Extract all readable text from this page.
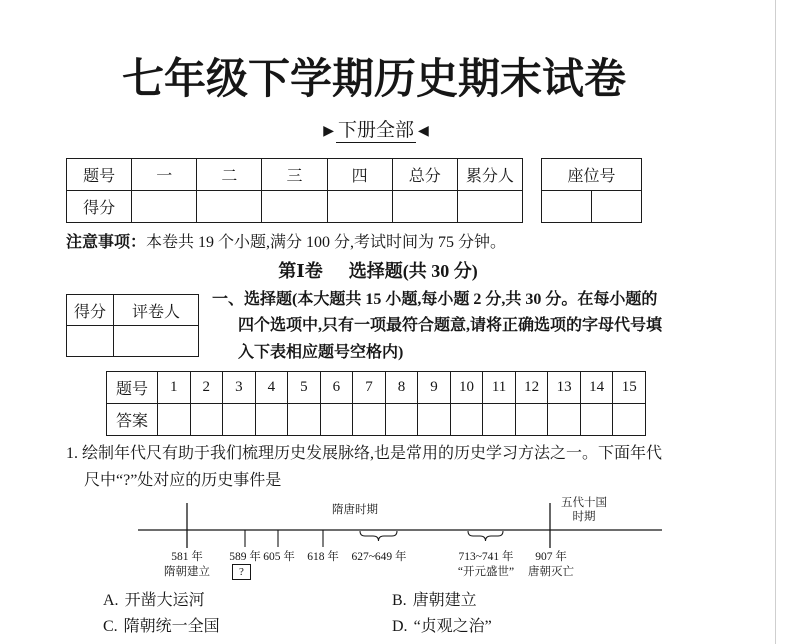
七年级下学期历史期末试卷
▶ 下册全部 ◀
题号	一	二	三	四	总分	累分人
得分						
座位号

注意事项：本卷共 19 个小题,满分 100 分,考试时间为 75 分钟。
第Ⅰ卷 选择题(共 30 分)
得分	评卷人

一、选择题(本大题共 15 小题,每小题 2 分,共 30 分。在每小题的
四个选项中,只有一项最符合题意,请将正确选项的字母代号填
入下表相应题号空格内)
题号	1	2	3	4	5	6	7	8	9	10	11	12	13	14	15
答案															
1. 绘制年代尺有助于我们梳理历史发展脉络,也是常用的历史学习方法之一。下面年代
尺中“?”处对应的历史事件是
隋唐时期
五代十国
时期
581 年
隋朝建立
589 年
?
605 年 618 年 627~649 年	713~741 年
“开元盛世”
907 年
唐朝灭亡
A. 开凿大运河	B. 唐朝建立
C. 隋朝统一全国	D. “贞观之治”
